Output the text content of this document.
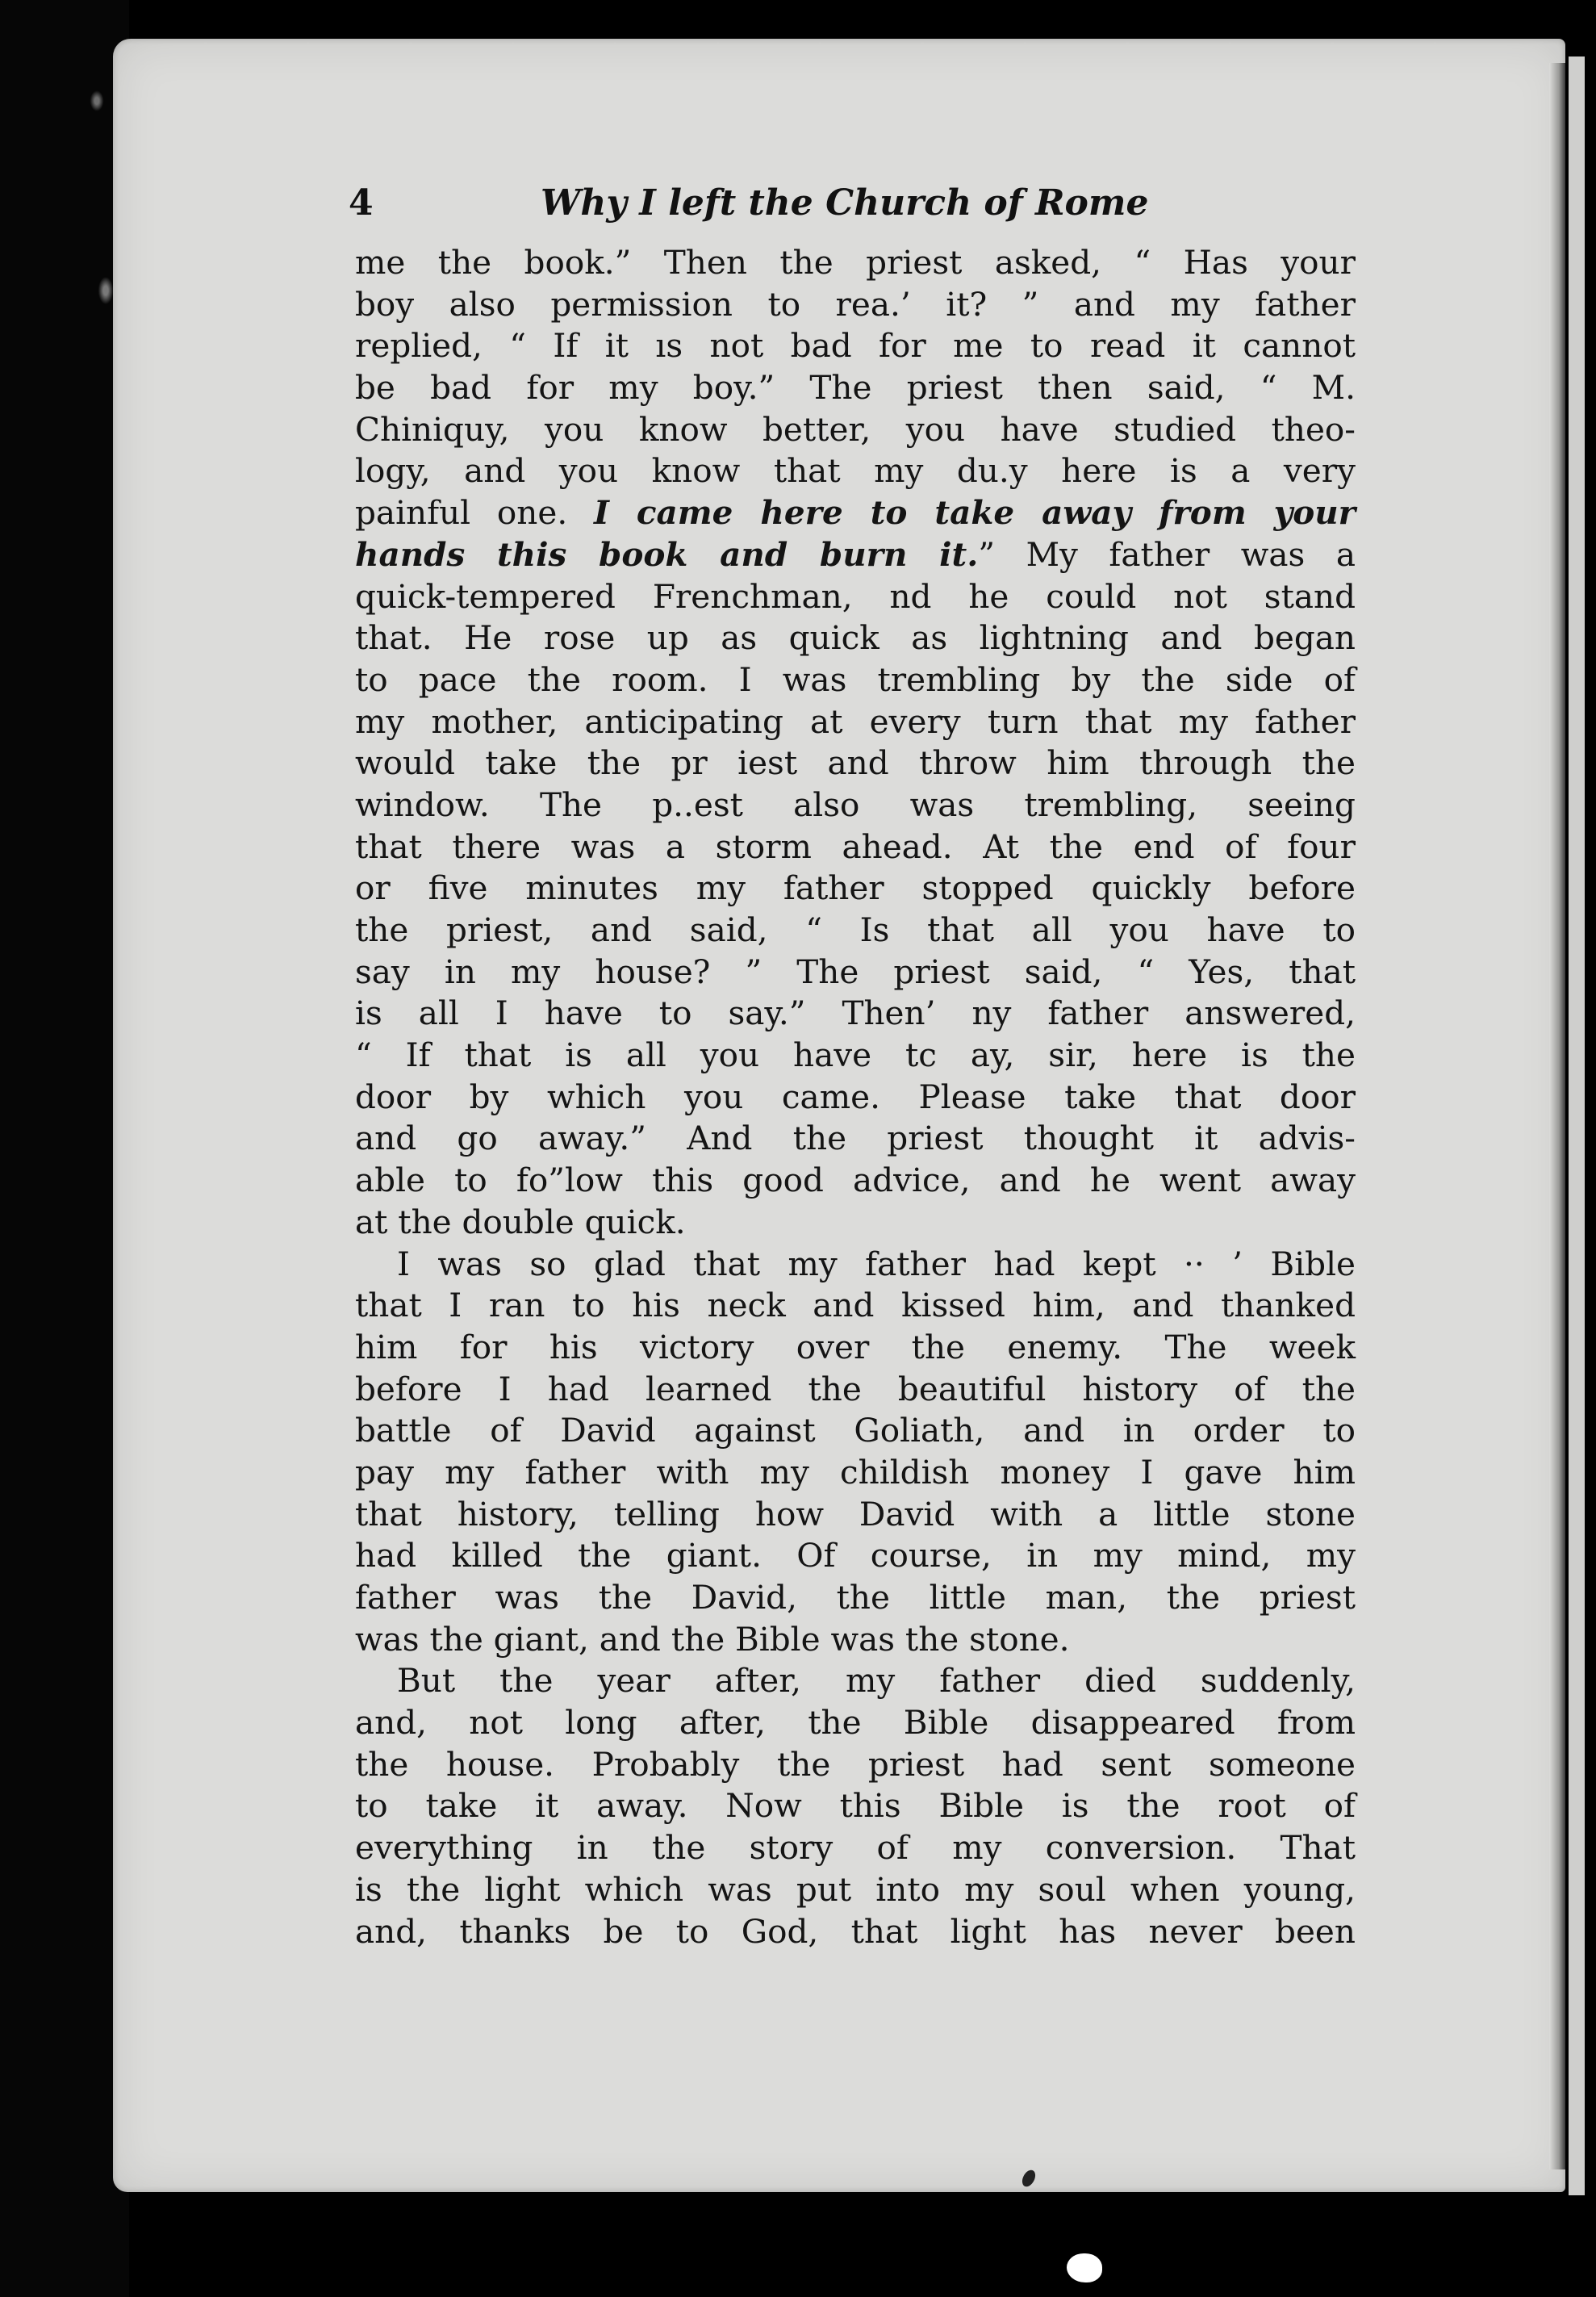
4	Why I left the Church of Rome
me the book.” Then the priest asked, “ Has your
boy also permission to rea.’ it? ” and my father
replied, “ If it ıs not bad for me to read it cannot
be bad for my boy.” The priest then said, “ M.
Chiniquy, you know better, you have studied theo-
logy, and you know that my du.y here is a very
painful one. I came here to take away from your
hands this book and burn it.” My father was a
quick-tempered Frenchman, nd he could not stand
that. He rose up as quick as lightning and began
to pace the room. I was trembling by the side of
my mother, anticipating at every turn that my father
would take the pr iest and throw him through the
window. The p..est also was trembling, seeing
that there was a storm ahead. At the end of four
or five minutes my father stopped quickly before
the priest, and said, “ Is that all you have to
say in my house? ” The priest said, “ Yes, that
is all I have to say.” Then’ ny father answered,
“ If that is all you have tc ay, sir, here is the
door by which you came. Please take that door
and go away.” And the priest thought it advis-
able to fo”low this good advice, and he went away
at the double quick.
I was so glad that my father had kept ·· ’ Bible
that I ran to his neck and kissed him, and thanked
him for his victory over the enemy. The week
before I had learned the beautiful history of the
battle of David against Goliath, and in order to
pay my father with my childish money I gave him
that history, telling how David with a little stone
had killed the giant. Of course, in my mind, my
father was the David, the little man, the priest
was the giant, and the Bible was the stone.
But the year after, my father died suddenly,
and, not long after, the Bible disappeared from
the house. Probably the priest had sent someone
to take it away. Now this Bible is the root of
everything in the story of my conversion. That
is the light which was put into my soul when young,
and, thanks be to God, that light has never been
